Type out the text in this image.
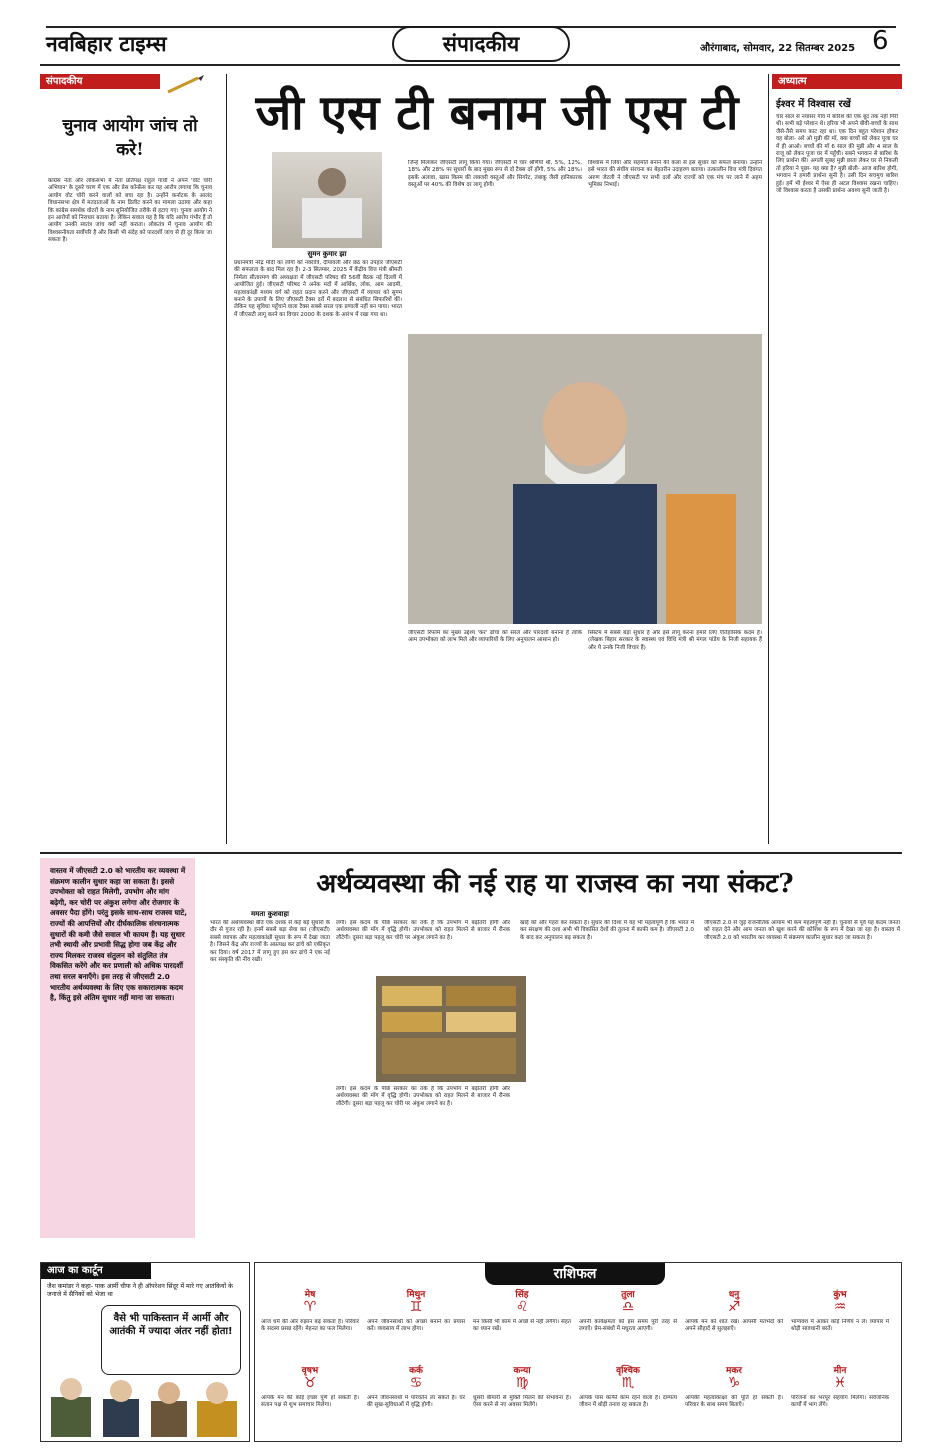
नवबिहार टाइम्स	संपादकीय	औरंगाबाद, सोमवार, 22 सितम्बर 2025 6
संपादकीय
चुनाव आयोग जांच तो करे!
कांग्रेस नेता और लोकसभा में नेता प्रतिपक्ष राहुल गांधी ने अपने 'वोट चोरी अभियान' के दूसरे चरण में एक और प्रेस कॉन्फ्रेंस कर यह आरोप लगाया कि चुनाव आयोग वोट चोरी करने वालों को बचा रहा है। उन्होंने कर्नाटक के आलंद विधानसभा क्षेत्र में मतदाताओं के नाम डिलीट करने का मामला उठाया और कहा कि कांग्रेस समर्थक वोटरों के नाम सुनियोजित तरीके से हटाए गए। चुनाव आयोग ने इन आरोपों को निराधार बताया है। लेकिन सवाल यह है कि यदि आरोप गंभीर हैं तो आयोग उनकी स्वतंत्र जांच क्यों नहीं कराता। लोकतंत्र में चुनाव आयोग की विश्वसनीयता सर्वोपरि है और किसी भी संदेह को पारदर्शी जांच से ही दूर किया जा सकता है।
जी एस टी बनाम जी एस टी
सुमन कुमार झा
प्रधानमंत्री नरेंद्र मोदी का लोगों को नवरात्रि, दीपावली और छठ का उपहार जीएसटी की सफलता के बाद मिल रहा है। 2-3 सितम्बर, 2025 में केंद्रीय वित्त मंत्री श्रीमती निर्मला सीतारमण की अध्यक्षता में जीएसटी परिषद की 56वीं बैठक नई दिल्ली में आयोजित हुई। जीएसटी परिषद ने अनेक मदों में आर्थिक, लोक, आम आदमी, महत्वाकांक्षी मध्यम वर्ग को राहत प्रदान करने और जीएसटी में व्यापार को सुगम बनाने के उपायों के लिए जीएसटी टैक्स दरों में बदलाव से संबंधित सिफारिशें कीं। लेकिन यह सुविधा पहुँचाने वाला टैक्स सबसे सरल एक प्रणाली नहीं बन पाया। भारत में जीएसटी लागू करने का विचार 2000 के दशक के आरंभ में रखा गया था।
जिन्हें मिलाकर जीएसटी लागू किया गया। जीएसटी में चार श्रेणियाँ थीं, 5%, 12%, 18% और 28% पर सुधारों के बाद मुख्य रूप से दो टैक्स दरें होंगी, 5% और 18%। इसके अलावा, खास किस्म की लक्जरी वस्तुओं और सिगरेट, तंबाकू जैसी हानिकारक वस्तुओं पर 40% की विशेष दर लागू होगी।
विश्वास में लिया और सहमति बनाने की कला से इस सुधार को सफल बनाया। उन्होंने इसे भारत की संघीय संरचना का बेहतरीन उदाहरण बताया। तत्कालीन वित्त मंत्री दिवंगत अरुण जेटली ने जीएसटी पर सभी दलों और राज्यों को एक मंच पर लाने में अहम भूमिका निभाई।
जीएसटी रिफॉर्म का मुख्य उद्देश्य 'कर' ढाँचा को सरल और पारदर्शी बनाना है ताकि आम उपभोक्ता को लाभ मिले और व्यापारियों के लिए अनुपालन आसान हो।
सिस्टम में सबसे बड़ा सुधार है और इसे लागू करना हमारे लिए ऐतिहासिक कदम है। (लेखक बिहार सरकार के स्वास्थ्य एवं विधि मंत्री श्री मंगल पांडेय के निजी सहायक हैं और ये उनके निजी विचार हैं)
अध्यात्म
ईश्वर में विश्वास रखें
चार साल से नयासर गाँव में बारिश की एक बूंद तक नहीं गिरी थी। सभी बड़े परेशान थे। हरिया भी अपने बीवी-बच्चों के साथ जैसे-तैसे समय काट रहा था। एक दिन बहुत परेशान होकर वह बोला- अरे ओ मुन्नी की माँ, क्या बच्चों को लेकर पूजा घर में ही आओ। बच्चों की माँ 6 साल की मुन्नी और 4 साल के राजू को लेकर पूजा घर में पहुँची। सबने भगवान से बारिश के लिए प्रार्थना की। अगली सुबह मुन्नी छाता लेकर घर से निकली तो हरिया ने पूछा- यह क्या है? मुन्नी बोली- आज बारिश होगी, भगवान ने हमारी प्रार्थना सुनी है। उसी दिन सचमुच बारिश हुई। हमें भी ईश्वर में ऐसा ही अटल विश्वास रखना चाहिए। जो विश्वास करता है उसकी प्रार्थना अवश्य सुनी जाती है।
वास्तव में जीएसटी 2.0 को भारतीय कर व्यवस्था में संक्रमण कालीन सुधार कहा जा सकता है। इससे उपभोक्ता को राहत मिलेगी, उपभोग और मांग बढ़ेगी, कर चोरी पर अंकुश लगेगा और रोजगार के अवसर पैदा होंगे। परंतु इसके साथ-साथ राजस्व घाटे, राज्यों की आपत्तियों और दीर्घकालिक संरचनात्मक सुधारों की कमी जैसे सवाल भी कायम हैं। यह सुधार तभी स्थायी और प्रभावी सिद्ध होगा जब केंद्र और राज्य मिलकर राजस्व संतुलन को संतुलित तंत्र विकसित करेंगे और कर प्रणाली को अधिक पारदर्शी तथा सरल बनाएँगे। इस तरह से जीएसटी 2.0 भारतीय अर्थव्यवस्था के लिए एक सकारात्मक कदम है, किंतु इसे अंतिम सुधार नहीं माना जा सकता।
अर्थव्यवस्था की नई राह या राजस्व का नया संकट?
ममता कुशवाहा
भारत की अर्थव्यवस्था बीते एक दशक से कई बड़े सुधारों के दौर से गुजर रही है। इनमें सबसे बड़ा सेवा कर (जीएसटी) सबसे व्यापक और महत्वाकांक्षी सुधार के रूप में देखा जाता है। जिसने केंद्र और राज्यों के अप्रत्यक्ष कर ढांचे को एकीकृत कर दिया। वर्ष 2017 में लागू हुए इस कर ढांचे ने एक नई कर संस्कृति की नींव रखी।
लगी। इस कदम के पीछे सरकार का तर्क है कि उपभोग में बढ़ोतरी होगी और अर्थव्यवस्था की माँग में वृद्धि होगी। उपभोक्ता को राहत मिलने से बाजार में रौनक लौटेगी। दूसरा बड़ा पहलू कर चोरी पर अंकुश लगाने का है।
लगी। इस कदम के पीछे सरकार का तर्क है कि उपभोग में बढ़ोतरी होगी और अर्थव्यवस्था की माँग में वृद्धि होगी। उपभोक्ता को राहत मिलने से बाजार में रौनक लौटेगी। दूसरा बड़ा पहलू कर चोरी पर अंकुश लगाने का है।
खाई को और गहरा कर सकता है। सुधार की दिशा में यह भी महत्वपूर्ण है कि भारत में कर संरक्षण की दशा अभी भी विकसित देशों की तुलना में काफी कम है। जीएसटी 2.0 के बाद कर अनुपालन बढ़ सकता है।
जीएसटी 2.0 से जुड़े राजनीतिक आयाम भी कम महत्वपूर्ण नहीं हैं। चुनावों से पूर्व यह कदम जनता को राहत देने और आम जनता को खुश करने की कोशिश के रूप में देखा जा रहा है। वास्तव में जीएसटी 2.0 को भारतीय कर व्यवस्था में संक्रमण कालीन सुधार कहा जा सकता है।
आज का कार्टून
जैश कमांडर ने कहा- पाक आर्मी चीफ ने ही ऑपरेशन सिंदूर में मारे गए आतंकियों के जनाजे में सैनिकों को भेजा था
वैसे भी पाकिस्तान में आर्मी और आतंकी में ज्यादा अंतर नहीं होता!
राशिफल
मेष
♈
आज धर्म की ओर रुझान बढ़ सकता है। परिवार के सदस्य प्रसन्न रहेंगे। मेहनत का फल मिलेगा।
मिथुन
♊
अपने जीवनसाथी को अच्छा बनाने का प्रयास करें। व्यवसाय में लाभ होगा।
सिंह
♌
मन किसी भी काम में अच्छे से नहीं लगेगा। सेहत का ध्यान रखें।
तुला
♎
अपनी कार्यक्षमता को इस समय पूरी तरह से लगाएँ। प्रेम-संबंधों में मधुरता आएगी।
धनु
♐
आपके मन को शांत रखें। आपसी मतभेदों को अपने सौहार्द से सुलझाएँ।
कुंभ
♒
भाग्यवश में आकर कोई निर्णय न लें। व्यापार में थोड़ी सावधानी बरतें।
वृषभ
♉
आपके मन की कोई इच्छा पूर्ण हो सकती है। संतान पक्ष से शुभ समाचार मिलेगा।
कर्क
♋
अपने जीवनसाथी में परिवर्तन ला सकते हैं। घर की सुख-सुविधाओं में वृद्धि होगी।
कन्या
♍
धूसरी बीमारी से मुक्ति मिलने की संभावना है। ऐसा करने से नए अवसर मिलेंगे।
वृश्चिक
♏
आपके पास काफी काम रहने वाला है। दाम्पत्य जीवन में थोड़ी तनाव रह सकता है।
मकर
♑
आपकी महत्वाकांक्षा की पूर्ति हो सकती है। परिवार के साथ समय बिताएँ।
मीन
♓
परिजनों का भरपूर सहयोग मिलेगा। सर्वजनिक कार्यों में भाग लेंगे।
